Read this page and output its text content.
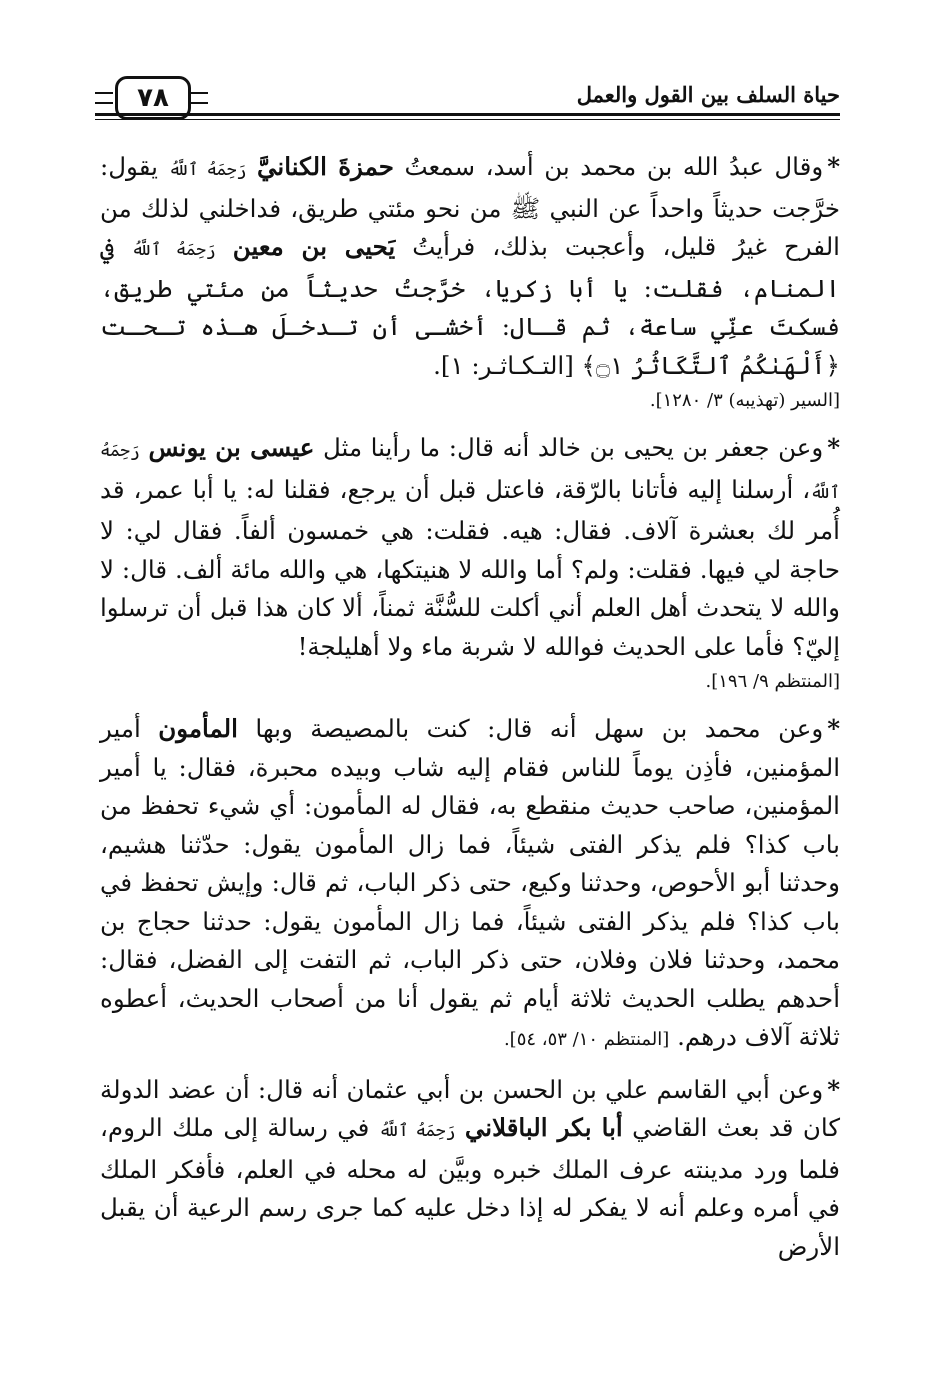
٧٨	حياة السلف بين القول والعمل

*وقال عبدُ الله بن محمد بن أسد، سمعتُ حمزةَ الكنانيَّ رَحِمَهُ ٱللَّهُ يقول: خرَّجت حديثاً واحداً عن النبي ﷺ من نحو مئتي طريق، فداخلني لذلك من الفرح غيرُ قليل، وأعجبت بذلك، فرأيتُ يَحيى بن معين رَحِمَهُ ٱللَّهُ في المنام، فقلت: يا أبا زكريا، خرَّجتُ حديثاً من مئتي طريق، فسكتَ عنِّي ساعة، ثم قـال: أخشـى أن تـدخـلَ هـذه تـحـت ﴿أَلْهَىٰكُمُ ٱلتَّكَاثُرُ ۝١﴾ [التـكـاثـر: ١].
[السير (تهذيبه) ٣/ ١٢٨٠].

*وعن جعفر بن يحيى بن خالد أنه قال: ما رأينا مثل عيسى بن يونس رَحِمَهُ ٱللَّهُ، أرسلنا إليه فأتانا بالرّقة، فاعتل قبل أن يرجع، فقلنا له: يا أبا عمر، قد أُمر لك بعشرة آلاف. فقال: هيه. فقلت: هي خمسون ألفاً. فقال لي: لا حاجة لي فيها. فقلت: ولم؟ أما والله لا هنيتكها، هي والله مائة ألف. قال: لا والله لا يتحدث أهل العلم أني أكلت للسُّنَّة ثمناً، ألا كان هذا قبل أن ترسلوا إليّ؟ فأما على الحديث فوالله لا شربة ماء ولا أهليلجة!
[المنتظم ٩/ ١٩٦].

*وعن محمد بن سهل أنه قال: كنت بالمصيصة وبها المأمون أمير المؤمنين، فأذِن يوماً للناس فقام إليه شاب وبيده محبرة، فقال: يا أمير المؤمنين، صاحب حديث منقطع به، فقال له المأمون: أي شيء تحفظ من باب كذا؟ فلم يذكر الفتى شيئاً، فما زال المأمون يقول: حدّثنا هشيم، وحدثنا أبو الأحوص، وحدثنا وكيع، حتى ذكر الباب، ثم قال: وإيش تحفظ في باب كذا؟ فلم يذكر الفتى شيئاً، فما زال المأمون يقول: حدثنا حجاج بن محمد، وحدثنا فلان وفلان، حتى ذكر الباب، ثم التفت إلى الفضل، فقال: أحدهم يطلب الحديث ثلاثة أيام ثم يقول أنا من أصحاب الحديث، أعطوه ثلاثة آلاف درهم. [المنتظم ١٠/ ٥٣، ٥٤].

*وعن أبي القاسم علي بن الحسن بن أبي عثمان أنه قال: أن عضد الدولة كان قد بعث القاضي أبا بكر الباقلاني رَحِمَهُ ٱللَّهُ في رسالة إلى ملك الروم، فلما ورد مدينته عرف الملك خبره وبيَّن له محله في العلم، فأفكر الملك في أمره وعلم أنه لا يفكر له إذا دخل عليه كما جرى رسم الرعية أن يقبل الأرض
